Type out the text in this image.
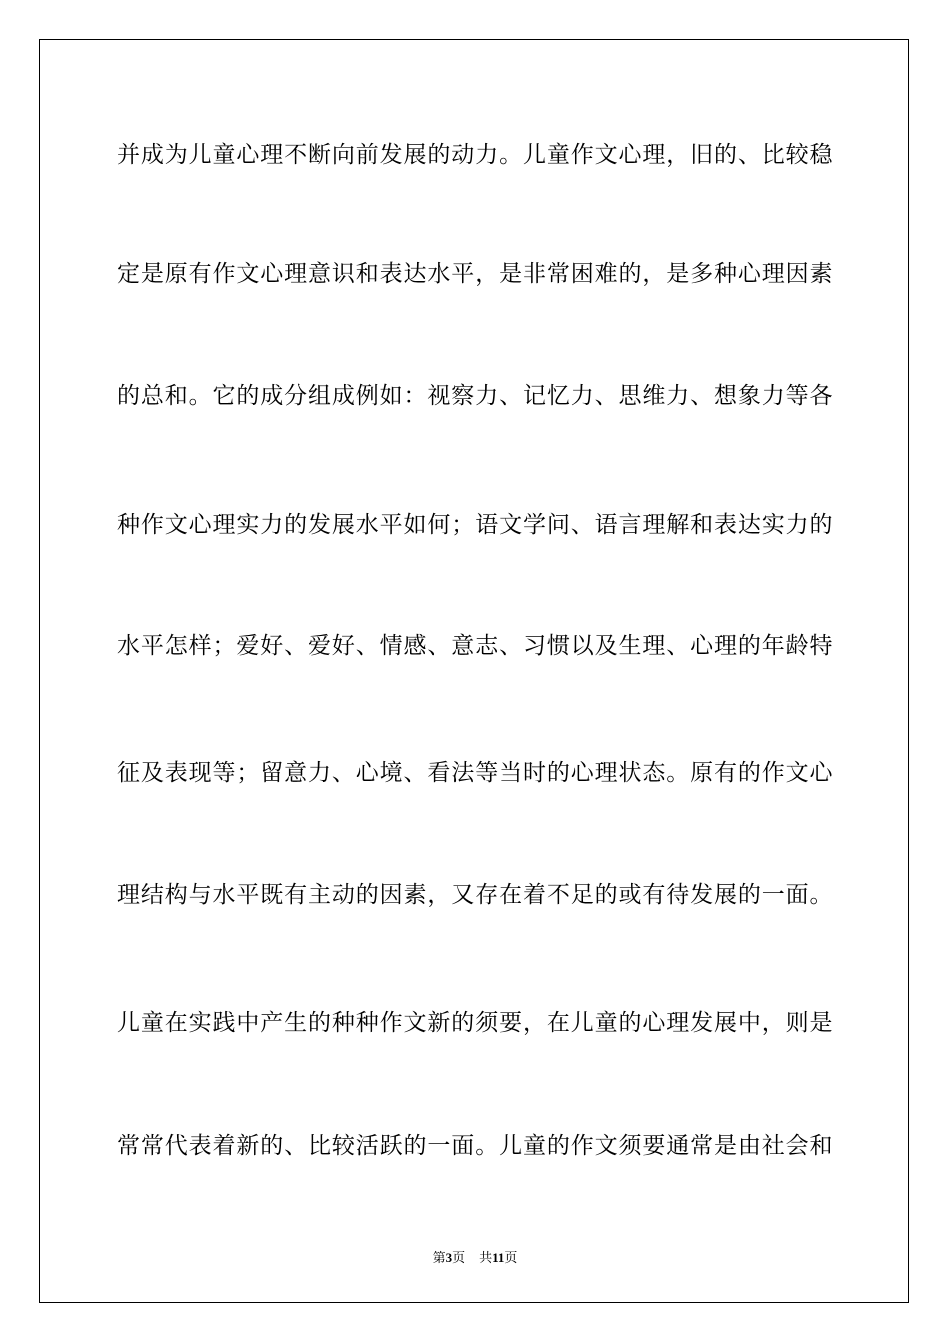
并成为儿童心理不断向前发展的动力。儿童作文心理，旧的、比较稳
定是原有作文心理意识和表达水平，是非常困难的，是多种心理因素
的总和。它的成分组成例如：视察力、记忆力、思维力、想象力等各
种作文心理实力的发展水平如何；语文学问、语言理解和表达实力的
水平怎样；爱好、爱好、情感、意志、习惯以及生理、心理的年龄特
征及表现等；留意力、心境、看法等当时的心理状态。原有的作文心
理结构与水平既有主动的因素，又存在着不足的或有待发展的一面。
儿童在实践中产生的种种作文新的须要，在儿童的心理发展中，则是
常常代表着新的、比较活跃的一面。儿童的作文须要通常是由社会和
第3页 共11页
